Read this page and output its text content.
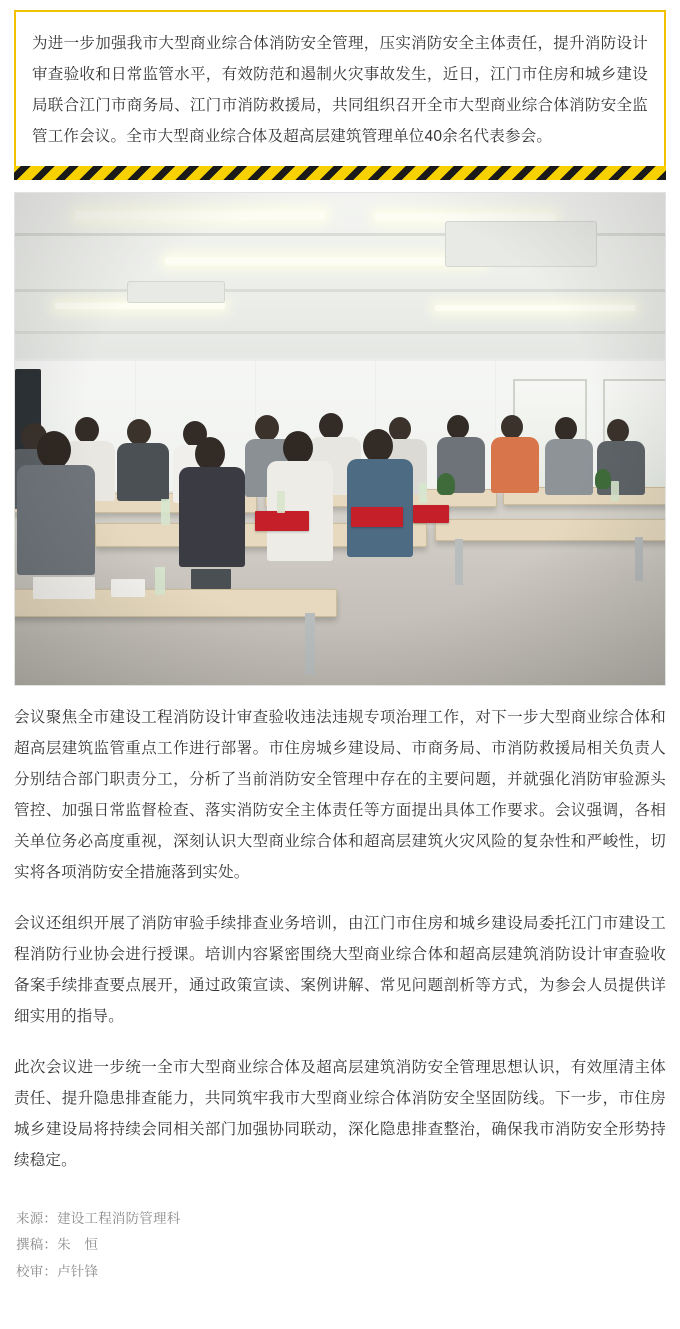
为进一步加强我市大型商业综合体消防安全管理，压实消防安全主体责任，提升消防设计审查验收和日常监管水平，有效防范和遏制火灾事故发生，近日，江门市住房和城乡建设局联合江门市商务局、江门市消防救援局，共同组织召开全市大型商业综合体消防安全监管工作会议。全市大型商业综合体及超高层建筑管理单位40余名代表参会。

会议聚焦全市建设工程消防设计审查验收违法违规专项治理工作，对下一步大型商业综合体和超高层建筑监管重点工作进行部署。市住房城乡建设局、市商务局、市消防救援局相关负责人分别结合部门职责分工，分析了当前消防安全管理中存在的主要问题，并就强化消防审验源头管控、加强日常监督检查、落实消防安全主体责任等方面提出具体工作要求。会议强调，各相关单位务必高度重视，深刻认识大型商业综合体和超高层建筑火灾风险的复杂性和严峻性，切实将各项消防安全措施落到实处。

会议还组织开展了消防审验手续排查业务培训，由江门市住房和城乡建设局委托江门市建设工程消防行业协会进行授课。培训内容紧密围绕大型商业综合体和超高层建筑消防设计审查验收备案手续排查要点展开，通过政策宣读、案例讲解、常见问题剖析等方式，为参会人员提供详细实用的指导。

此次会议进一步统一全市大型商业综合体及超高层建筑消防安全管理思想认识，有效厘清主体责任、提升隐患排查能力，共同筑牢我市大型商业综合体消防安全坚固防线。下一步，市住房城乡建设局将持续会同相关部门加强协同联动，深化隐患排查整治，确保我市消防安全形势持续稳定。

来源：建设工程消防管理科
撰稿：朱　恒
校审：卢针锋
